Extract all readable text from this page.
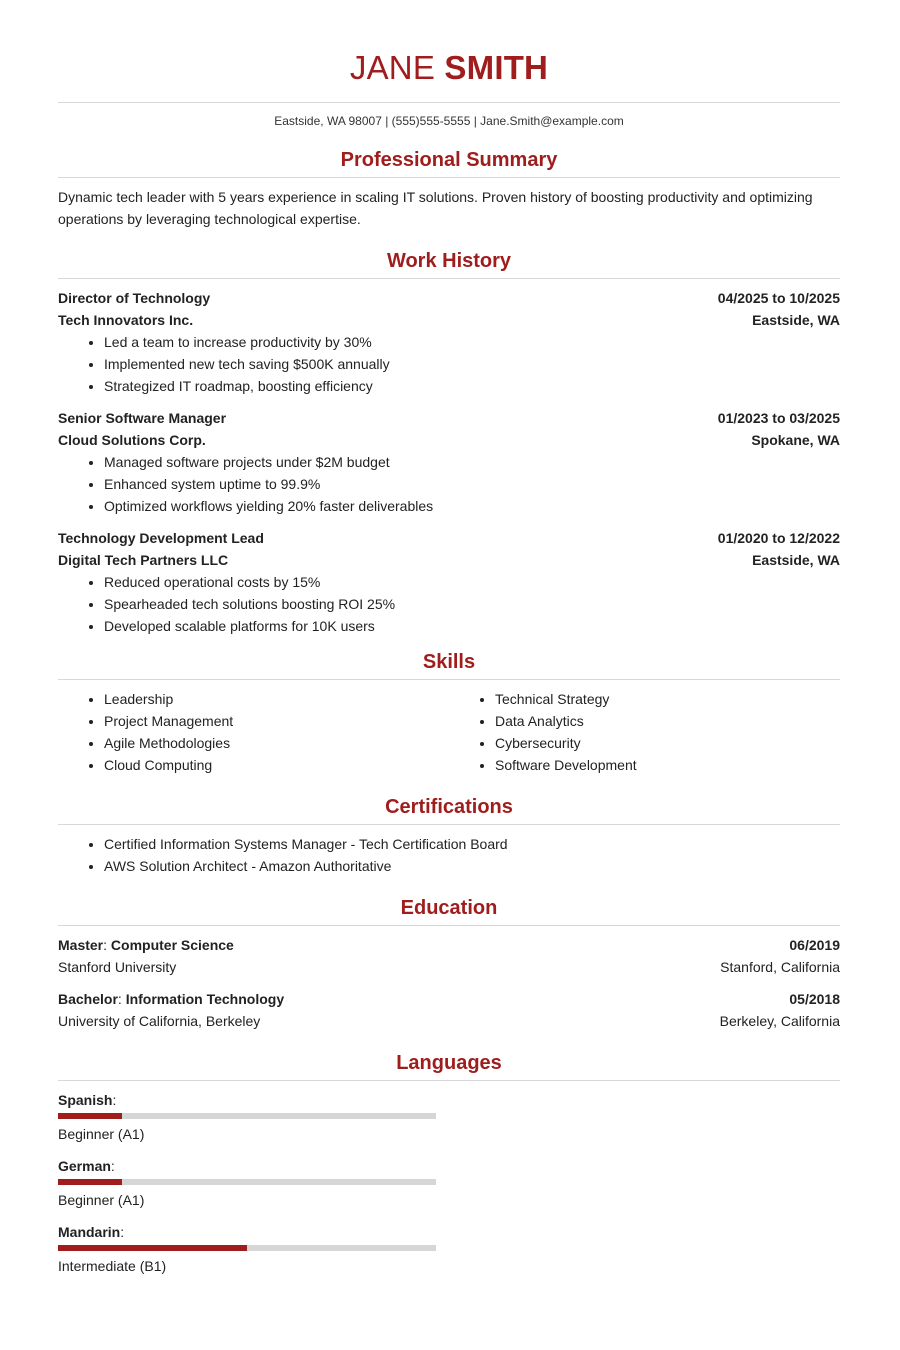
JANE SMITH
Eastside, WA 98007 | (555)555-5555 | Jane.Smith@example.com
Professional Summary
Dynamic tech leader with 5 years experience in scaling IT solutions. Proven history of boosting productivity and optimizing operations by leveraging technological expertise.
Work History
Director of Technology	04/2025 to 10/2025
Tech Innovators Inc.	Eastside, WA
• Led a team to increase productivity by 30%
• Implemented new tech saving $500K annually
• Strategized IT roadmap, boosting efficiency
Senior Software Manager	01/2023 to 03/2025
Cloud Solutions Corp.	Spokane, WA
• Managed software projects under $2M budget
• Enhanced system uptime to 99.9%
• Optimized workflows yielding 20% faster deliverables
Technology Development Lead	01/2020 to 12/2022
Digital Tech Partners LLC	Eastside, WA
• Reduced operational costs by 15%
• Spearheaded tech solutions boosting ROI 25%
• Developed scalable platforms for 10K users
Skills
• Leadership
• Project Management
• Agile Methodologies
• Cloud Computing
• Technical Strategy
• Data Analytics
• Cybersecurity
• Software Development
Certifications
• Certified Information Systems Manager - Tech Certification Board
• AWS Solution Architect - Amazon Authoritative
Education
Master: Computer Science	06/2019
Stanford University	Stanford, California
Bachelor: Information Technology	05/2018
University of California, Berkeley	Berkeley, California
Languages
Spanish:
Beginner (A1)
German:
Beginner (A1)
Mandarin:
Intermediate (B1)
